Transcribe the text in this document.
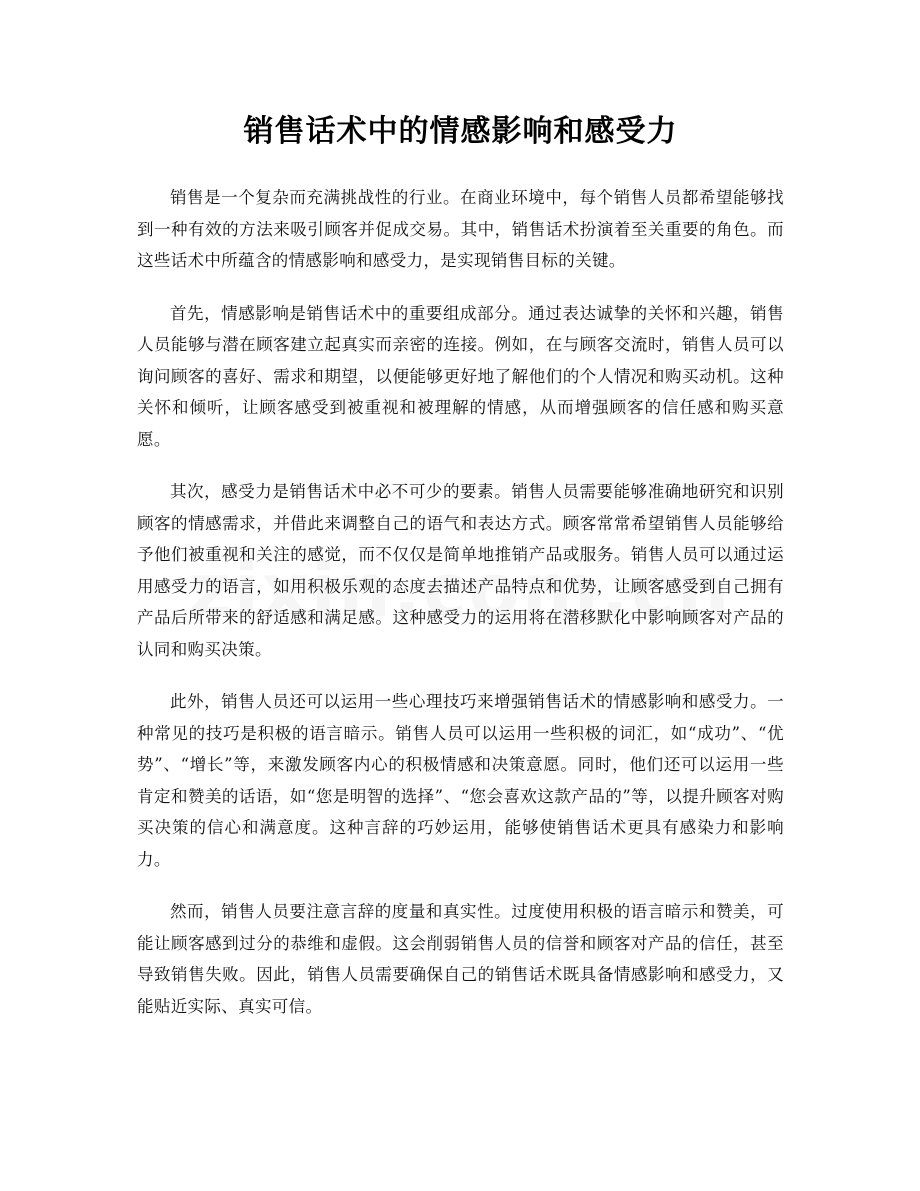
销售话术中的情感影响和感受力

销售是一个复杂而充满挑战性的行业。在商业环境中，每个销售人员都希望能够找到一种有效的方法来吸引顾客并促成交易。其中，销售话术扮演着至关重要的角色。而这些话术中所蕴含的情感影响和感受力，是实现销售目标的关键。

首先，情感影响是销售话术中的重要组成部分。通过表达诚挚的关怀和兴趣，销售人员能够与潜在顾客建立起真实而亲密的连接。例如，在与顾客交流时，销售人员可以询问顾客的喜好、需求和期望，以便能够更好地了解他们的个人情况和购买动机。这种关怀和倾听，让顾客感受到被重视和被理解的情感，从而增强顾客的信任感和购买意愿。

其次，感受力是销售话术中必不可少的要素。销售人员需要能够准确地研究和识别顾客的情感需求，并借此来调整自己的语气和表达方式。顾客常常希望销售人员能够给予他们被重视和关注的感觉，而不仅仅是简单地推销产品或服务。销售人员可以通过运用感受力的语言，如用积极乐观的态度去描述产品特点和优势，让顾客感受到自己拥有产品后所带来的舒适感和满足感。这种感受力的运用将在潜移默化中影响顾客对产品的认同和购买决策。

此外，销售人员还可以运用一些心理技巧来增强销售话术的情感影响和感受力。一种常见的技巧是积极的语言暗示。销售人员可以运用一些积极的词汇，如“成功”、“优势”、“增长”等，来激发顾客内心的积极情感和决策意愿。同时，他们还可以运用一些肯定和赞美的话语，如“您是明智的选择”、“您会喜欢这款产品的”等，以提升顾客对购买决策的信心和满意度。这种言辞的巧妙运用，能够使销售话术更具有感染力和影响力。

然而，销售人员要注意言辞的度量和真实性。过度使用积极的语言暗示和赞美，可能让顾客感到过分的恭维和虚假。这会削弱销售人员的信誉和顾客对产品的信任，甚至导致销售失败。因此，销售人员需要确保自己的销售话术既具备情感影响和感受力，又能贴近实际、真实可信。
